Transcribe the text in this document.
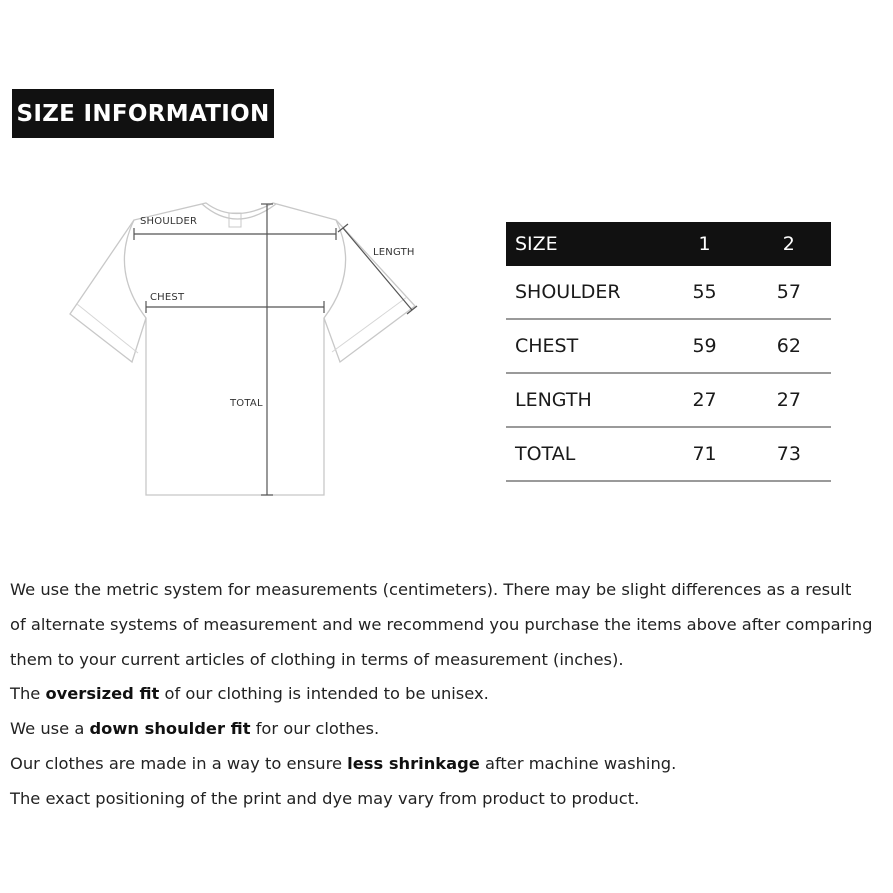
SIZE INFORMATION
SHOULDER
LENGTH
CHEST
TOTAL
SIZE	1	2
SHOULDER	55	57
CHEST	59	62
LENGTH	27	27
TOTAL	71	73
We use the metric system for measurements (centimeters). There may be slight differences as a result
of alternate systems of measurement and we recommend you purchase the items above after comparing
them to your current articles of clothing in terms of measurement (inches).
The oversized fit of our clothing is intended to be unisex.
We use a down shoulder fit for our clothes.
Our clothes are made in a way to ensure less shrinkage after machine washing.
The exact positioning of the print and dye may vary from product to product.
